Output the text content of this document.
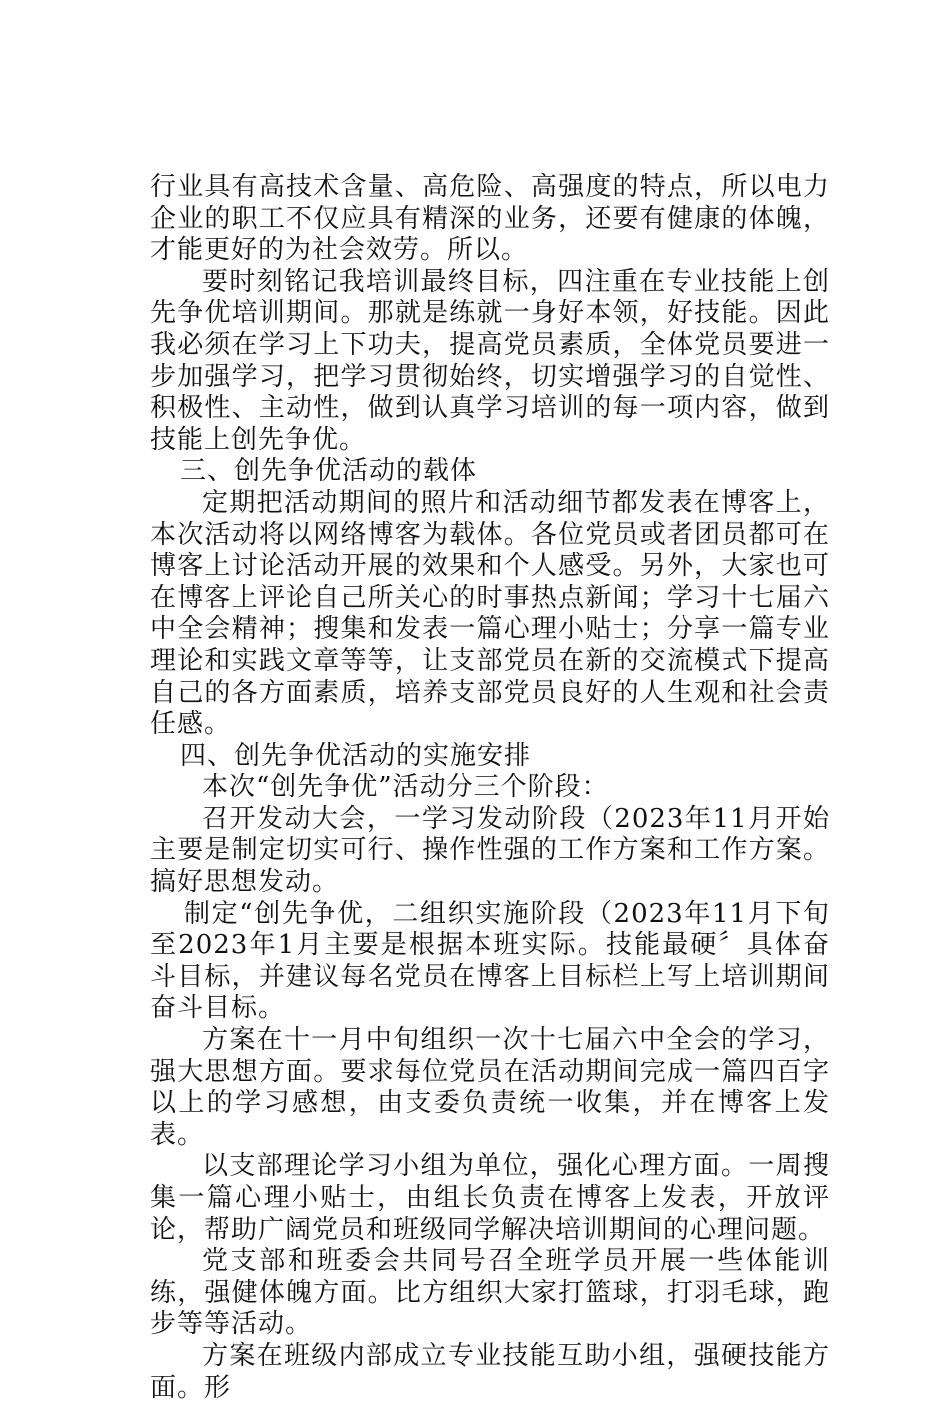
行业具有高技术含量、高危险、高强度的特点，所以电力企业的职工不仅应具有精深的业务，还要有健康的体魄，才能更好的为社会效劳。所以。

要时刻铭记我培训最终目标，四注重在专业技能上创先争优培训期间。那就是练就一身好本领，好技能。因此我必须在学习上下功夫，提高党员素质，全体党员要进一步加强学习，把学习贯彻始终，切实增强学习的自觉性、积极性、主动性，做到认真学习培训的每一项内容，做到技能上创先争优。

三、创先争优活动的载体

定期把活动期间的照片和活动细节都发表在博客上，本次活动将以网络博客为载体。各位党员或者团员都可在博客上讨论活动开展的效果和个人感受。另外，大家也可在博客上评论自己所关心的时事热点新闻；学习十七届六中全会精神；搜集和发表一篇心理小贴士；分享一篇专业理论和实践文章等等，让支部党员在新的交流模式下提高自己的各方面素质，培养支部党员良好的人生观和社会责任感。

四、创先争优活动的实施安排

本次“创先争优”活动分三个阶段：

召开发动大会，一学习发动阶段（2023年11月开始主要是制定切实可行、操作性强的工作方案和工作方案。搞好思想发动。

制定“创先争优，二组织实施阶段（2023年11月下旬至2023年1月主要是根据本班实际。技能最硬〞具体奋斗目标，并建议每名党员在博客上目标栏上写上培训期间奋斗目标。

方案在十一月中旬组织一次十七届六中全会的学习，强大思想方面。要求每位党员在活动期间完成一篇四百字以上的学习感想，由支委负责统一收集，并在博客上发表。

以支部理论学习小组为单位，强化心理方面。一周搜集一篇心理小贴士，由组长负责在博客上发表，开放评论，帮助广阔党员和班级同学解决培训期间的心理问题。

党支部和班委会共同号召全班学员开展一些体能训练，强健体魄方面。比方组织大家打篮球，打羽毛球，跑步等等活动。

方案在班级内部成立专业技能互助小组，强硬技能方面。形
